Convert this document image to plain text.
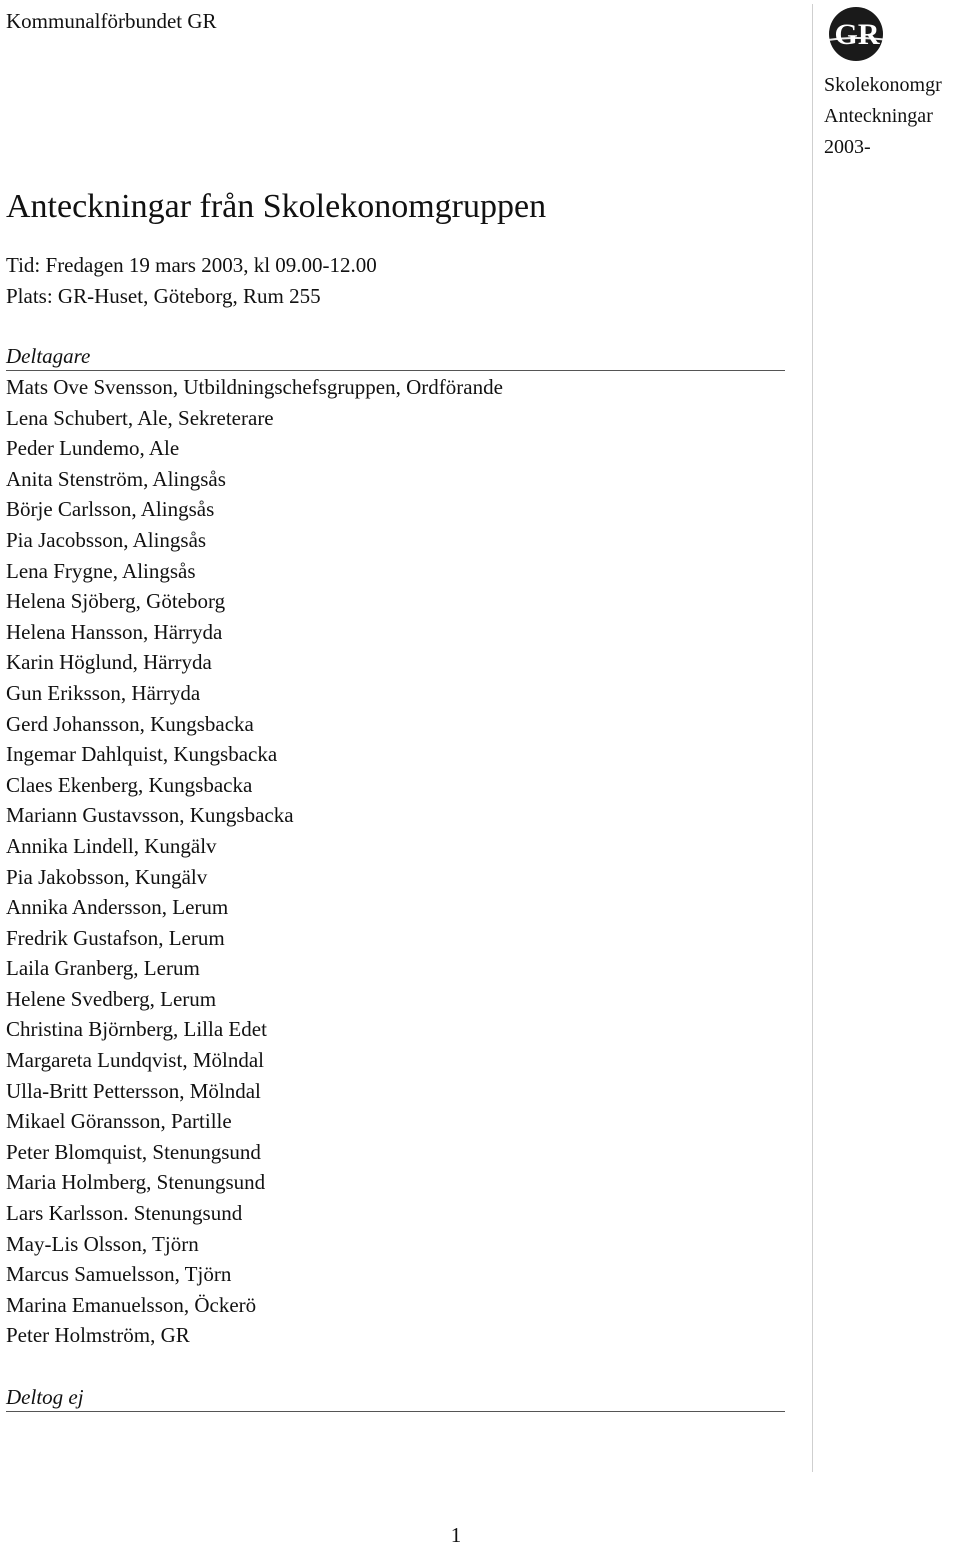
Kommunalförbundet GR	GR
Skolekonomgr
Anteckningar
2003-
Anteckningar från Skolekonomgruppen
Tid: Fredagen 19 mars 2003, kl 09.00-12.00
Plats: GR-Huset, Göteborg, Rum 255
Deltagare
Mats Ove Svensson, Utbildningschefsgruppen, Ordförande
Lena Schubert, Ale, Sekreterare
Peder Lundemo, Ale
Anita Stenström, Alingsås
Börje Carlsson, Alingsås
Pia Jacobsson, Alingsås
Lena Frygne, Alingsås
Helena Sjöberg, Göteborg
Helena Hansson, Härryda
Karin Höglund, Härryda
Gun Eriksson, Härryda
Gerd Johansson, Kungsbacka
Ingemar Dahlquist, Kungsbacka
Claes Ekenberg, Kungsbacka
Mariann Gustavsson, Kungsbacka
Annika Lindell, Kungälv
Pia Jakobsson, Kungälv
Annika Andersson, Lerum
Fredrik Gustafson, Lerum
Laila Granberg, Lerum
Helene Svedberg, Lerum
Christina Björnberg, Lilla Edet
Margareta Lundqvist, Mölndal
Ulla-Britt Pettersson, Mölndal
Mikael Göransson, Partille
Peter Blomquist, Stenungsund
Maria Holmberg, Stenungsund
Lars Karlsson. Stenungsund
May-Lis Olsson, Tjörn
Marcus Samuelsson, Tjörn
Marina Emanuelsson, Öckerö
Peter Holmström, GR
Deltog ej
1
